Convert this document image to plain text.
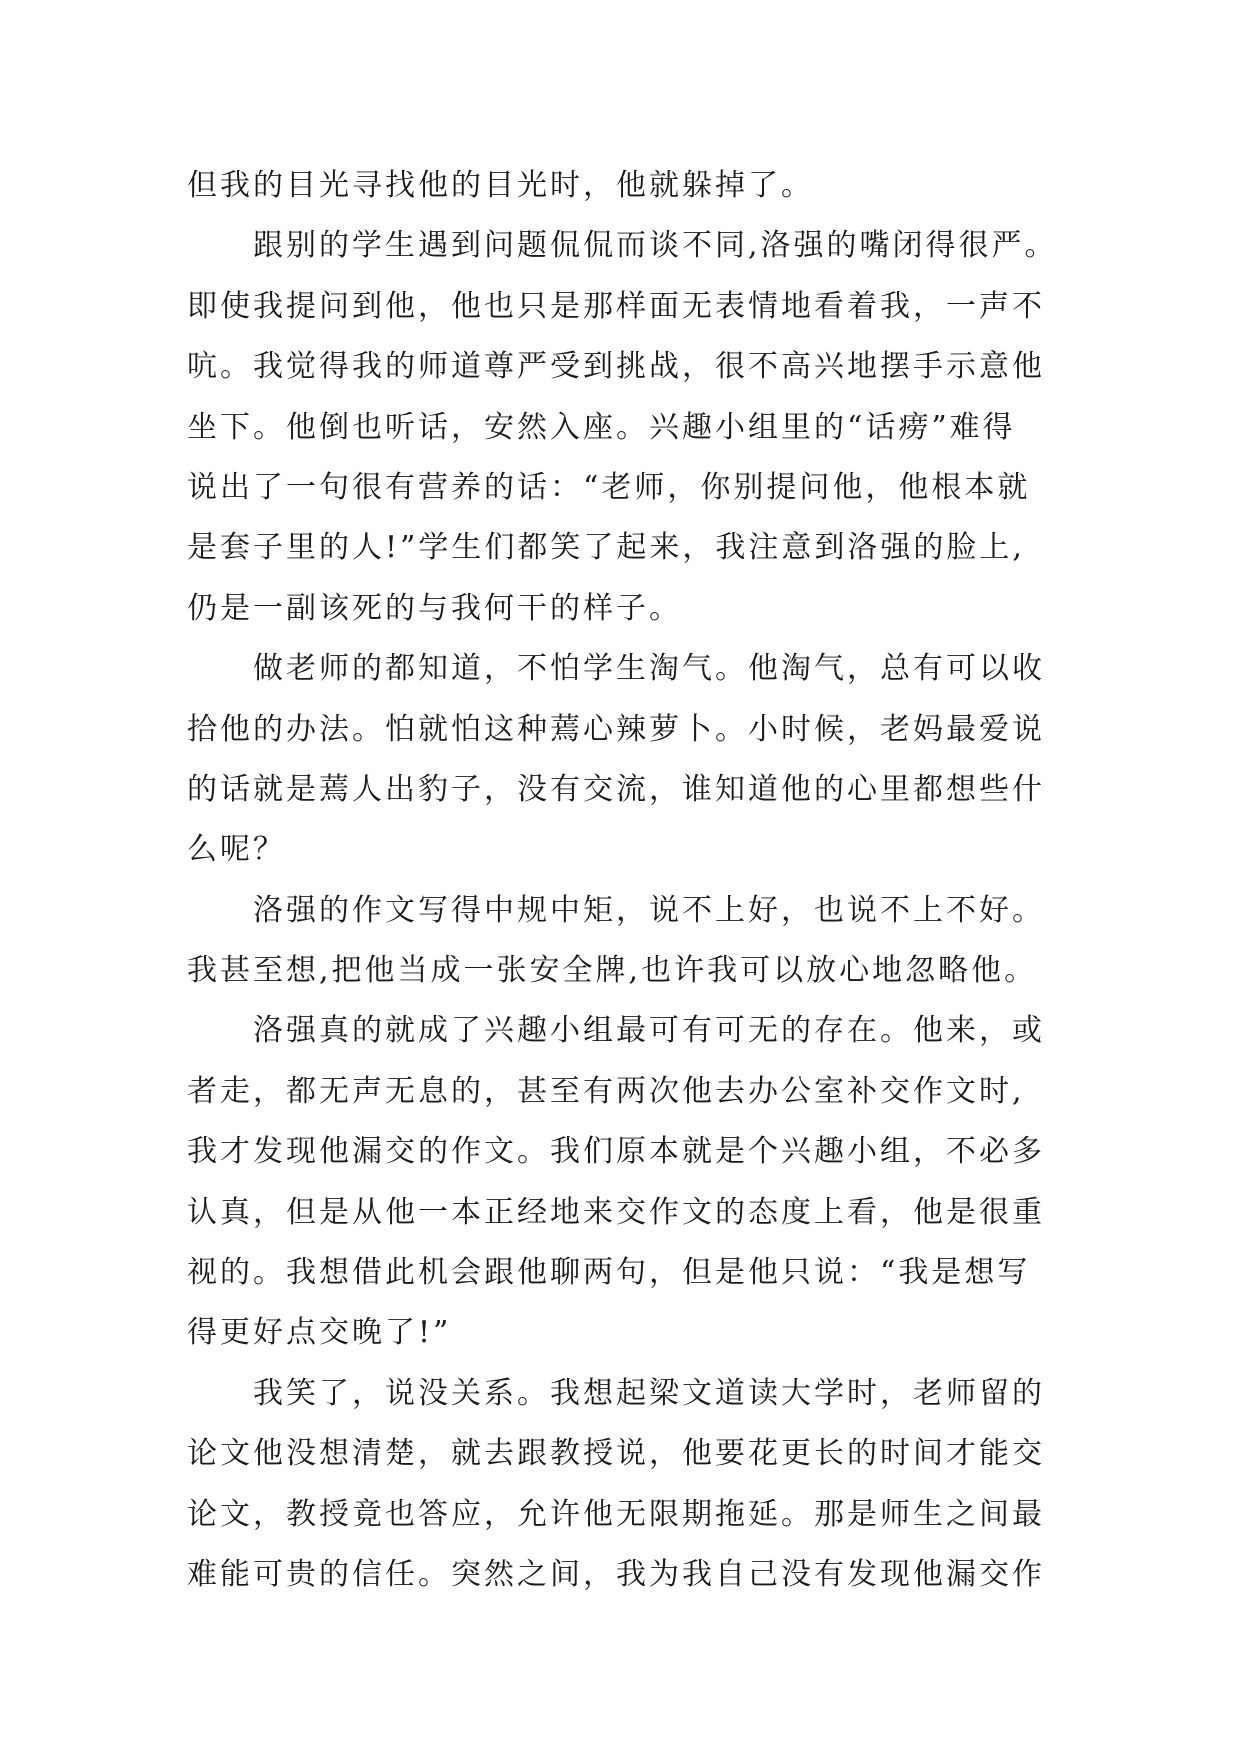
但我的目光寻找他的目光时，他就躲掉了。
　　跟别的学生遇到问题侃侃而谈不同,洛强的嘴闭得很严。
即使我提问到他，他也只是那样面无表情地看着我，一声不
吭。我觉得我的师道尊严受到挑战，很不高兴地摆手示意他
坐下。他倒也听话，安然入座。兴趣小组里的“话痨”难得
说出了一句很有营养的话：“老师，你别提问他，他根本就
是套子里的人!”学生们都笑了起来，我注意到洛强的脸上,
仍是一副该死的与我何干的样子。
　　做老师的都知道，不怕学生淘气。他淘气，总有可以收
拾他的办法。怕就怕这种蔫心辣萝卜。小时候，老妈最爱说
的话就是蔫人出豹子，没有交流，谁知道他的心里都想些什
么呢？
　　洛强的作文写得中规中矩，说不上好，也说不上不好。
我甚至想,把他当成一张安全牌,也许我可以放心地忽略他。
　　洛强真的就成了兴趣小组最可有可无的存在。他来，或
者走，都无声无息的，甚至有两次他去办公室补交作文时,
我才发现他漏交的作文。我们原本就是个兴趣小组，不必多
认真，但是从他一本正经地来交作文的态度上看，他是很重
视的。我想借此机会跟他聊两句，但是他只说：“我是想写
得更好点交晚了!”
　　我笑了，说没关系。我想起梁文道读大学时，老师留的
论文他没想清楚，就去跟教授说，他要花更长的时间才能交
论文，教授竟也答应，允许他无限期拖延。那是师生之间最
难能可贵的信任。突然之间，我为我自己没有发现他漏交作
